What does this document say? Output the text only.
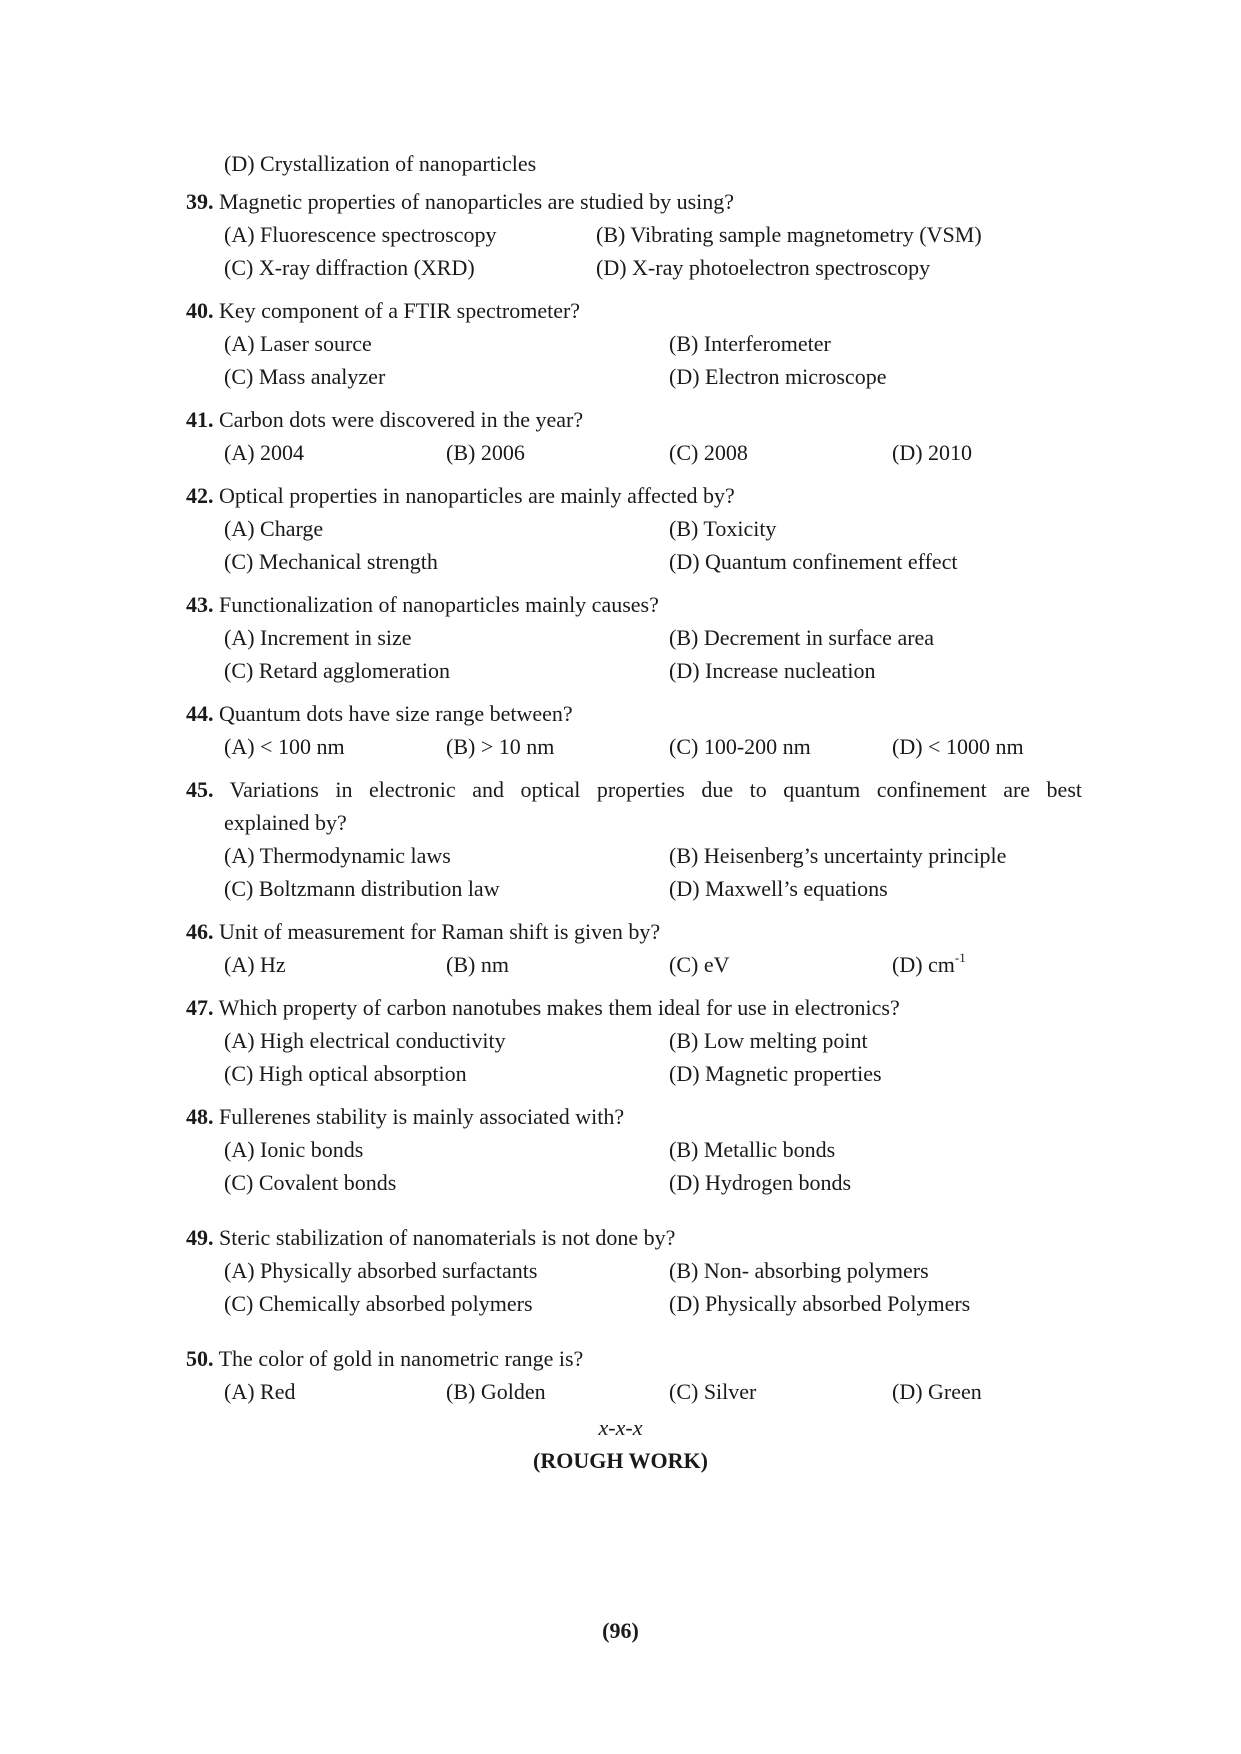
(D) Crystallization of nanoparticles
39. Magnetic properties of nanoparticles are studied by using?
(A) Fluorescence spectroscopy	(B) Vibrating sample magnetometry (VSM)
(C) X-ray diffraction (XRD)	(D) X-ray photoelectron spectroscopy
40. Key component of a FTIR spectrometer?
(A) Laser source	(B) Interferometer
(C) Mass analyzer	(D) Electron microscope
41. Carbon dots were discovered in the year?
(A) 2004	(B) 2006	(C) 2008	(D) 2010
42. Optical properties in nanoparticles are mainly affected by?
(A) Charge	(B) Toxicity
(C) Mechanical strength	(D) Quantum confinement effect
43. Functionalization of nanoparticles mainly causes?
(A) Increment in size	(B) Decrement in surface area
(C) Retard agglomeration	(D) Increase nucleation
44. Quantum dots have size range between?
(A) < 100 nm	(B) > 10 nm	(C) 100-200 nm	(D) < 1000 nm
45. Variations in electronic and optical properties due to quantum confinement are best
explained by?
(A) Thermodynamic laws	(B) Heisenberg’s uncertainty principle
(C) Boltzmann distribution law	(D) Maxwell’s equations
46. Unit of measurement for Raman shift is given by?
(A) Hz	(B) nm	(C) eV	(D) $cm^{-1}$
47. Which property of carbon nanotubes makes them ideal for use in electronics?
(A) High electrical conductivity	(B) Low melting point
(C) High optical absorption	(D) Magnetic properties
48. Fullerenes stability is mainly associated with?
(A) Ionic bonds	(B) Metallic bonds
(C) Covalent bonds	(D) Hydrogen bonds
49. Steric stabilization of nanomaterials is not done by?
(A) Physically absorbed surfactants	(B) Non- absorbing polymers
(C) Chemically absorbed polymers	(D) Physically absorbed Polymers
50. The color of gold in nanometric range is?
(A) Red	(B) Golden	(C) Silver	(D) Green
x-x-x
(ROUGH WORK)
(96)
